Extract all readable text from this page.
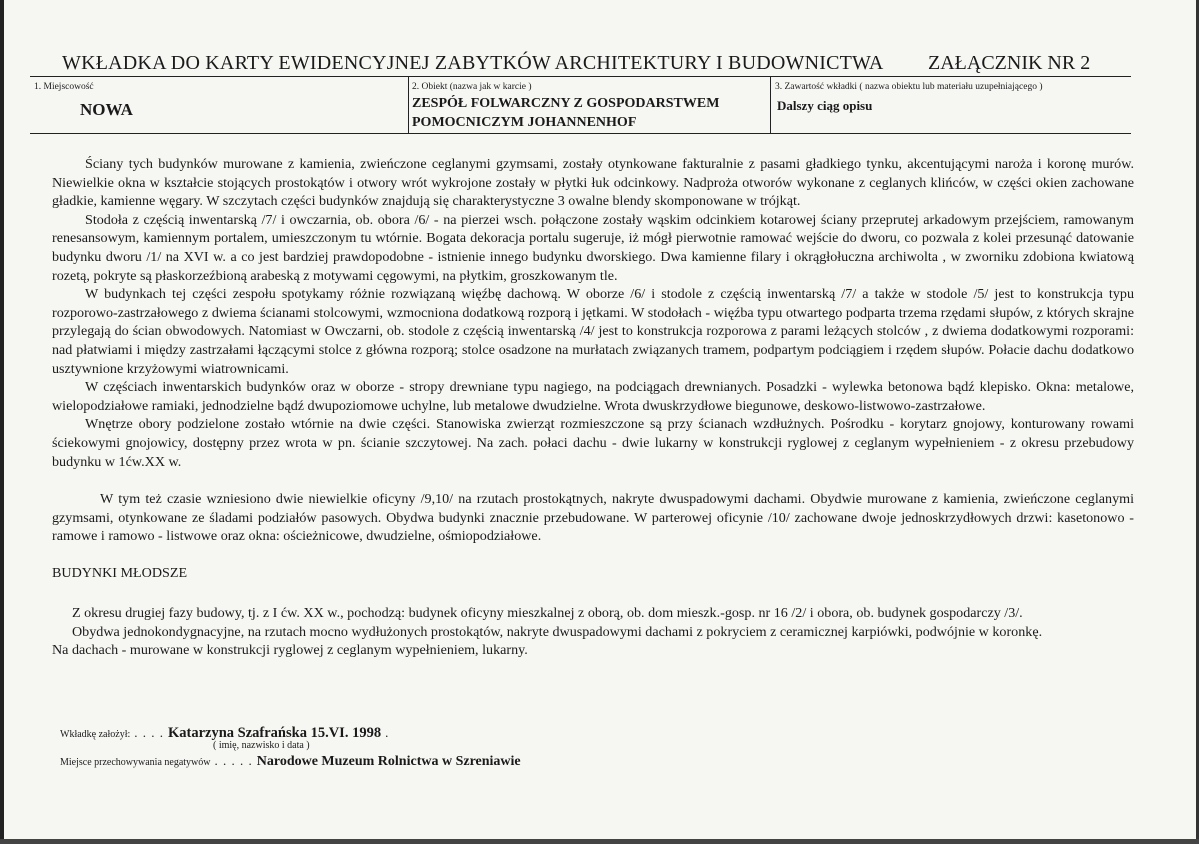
WKŁADKA DO KARTY EWIDENCYJNEJ ZABYTKÓW ARCHITEKTURY I BUDOWNICTWA ZAŁĄCZNIK NR 2
1. Miejscowość
NOWA
2. Obiekt (nazwa jak w karcie )
ZESPÓŁ FOLWARCZNY Z GOSPODARSTWEM
POMOCNICZYM JOHANNENHOF
3. Zawartość wkładki ( nazwa obiektu lub materiału uzupełniającego )
Dalszy ciąg opisu

Ściany tych budynków murowane z kamienia, zwieńczone ceglanymi gzymsami, zostały otynkowane fakturalnie z pasami gładkiego tynku, akcentującymi naroża i koronę murów. Niewielkie okna w kształcie stojących prostokątów i otwory wrót wykrojone zostały w płytki łuk odcinkowy. Nadproża otworów wykonane z ceglanych klińców, w części okien zachowane gładkie, kamienne węgary. W szczytach części budynków znajdują się charakterystyczne 3 owalne blendy skomponowane w trójkąt.

Stodoła z częścią inwentarską /7/ i owczarnia, ob. obora /6/ - na pierzei wsch. połączone zostały wąskim odcinkiem kotarowej ściany przeprutej arkadowym przejściem, ramowanym renesansowym, kamiennym portalem, umieszczonym tu wtórnie. Bogata dekoracja portalu sugeruje, iż mógł pierwotnie ramować wejście do dworu, co pozwala z kolei przesunąć datowanie budynku dworu /1/ na XVI w. a co jest bardziej prawdopodobne - istnienie innego budynku dworskiego. Dwa kamienne filary i okrągłołuczna archiwolta , w zworniku zdobiona kwiatową rozetą, pokryte są płaskorzeźbioną arabeską z motywami cęgowymi, na płytkim, groszkowanym tle.

W budynkach tej części zespołu spotykamy różnie rozwiązaną więźbę dachową. W oborze /6/ i stodole z częścią inwentarską /7/ a także w stodole /5/ jest to konstrukcja typu rozporowo-zastrzałowego z dwiema ścianami stolcowymi, wzmocniona dodatkową rozporą i jętkami. W stodołach - więźba typu otwartego podparta trzema rzędami słupów, z których skrajne przylegają do ścian obwodowych. Natomiast w Owczarni, ob. stodole z częścią inwentarską /4/ jest to konstrukcja rozporowa z parami leżących stolców , z dwiema dodatkowymi rozporami: nad płatwiami i między zastrzałami łączącymi stolce z główna rozporą; stolce osadzone na murłatach związanych tramem, podpartym podciągiem i rzędem słupów. Połacie dachu dodatkowo usztywnione krzyżowymi wiatrownicami.

W częściach inwentarskich budynków oraz w oborze - stropy drewniane typu nagiego, na podciągach drewnianych. Posadzki - wylewka betonowa bądź klepisko. Okna: metalowe, wielopodziałowe ramiaki, jednodzielne bądź dwupoziomowe uchylne, lub metalowe dwudzielne. Wrota dwuskrzydłowe biegunowe, deskowo-listwowo-zastrzałowe.

Wnętrze obory podzielone zostało wtórnie na dwie części. Stanowiska zwierząt rozmieszczone są przy ścianach wzdłużnych. Pośrodku - korytarz gnojowy, konturowany rowami ściekowymi gnojowicy, dostępny przez wrota w pn. ścianie szczytowej. Na zach. połaci dachu - dwie lukarny w konstrukcji ryglowej z ceglanym wypełnieniem - z okresu przebudowy budynku w 1ćw.XX w.

W tym też czasie wzniesiono dwie niewielkie oficyny /9,10/ na rzutach prostokątnych, nakryte dwuspadowymi dachami. Obydwie murowane z kamienia, zwieńczone ceglanymi gzymsami, otynkowane ze śladami podziałów pasowych. Obydwa budynki znacznie przebudowane. W parterowej oficynie /10/ zachowane dwoje jednoskrzydłowych drzwi: kasetonowo -ramowe i ramowo - listwowe oraz okna: ościeżnicowe, dwudzielne, ośmiopodziałowe.

BUDYNKI MŁODSZE

Z okresu drugiej fazy budowy, tj. z I ćw. XX w., pochodzą: budynek oficyny mieszkalnej z oborą, ob. dom mieszk.-gosp. nr 16 /2/ i obora, ob. budynek gospodarczy /3/.

Obydwa jednokondygnacyjne, na rzutach mocno wydłużonych prostokątów, nakryte dwuspadowymi dachami z pokryciem z ceramicznej karpiówki, podwójnie w koronkę.

Na dachach - murowane w konstrukcji ryglowej z ceglanym wypełnieniem, lukarny.

Wkładkę założył: . . . . Katarzyna Szafrańska 15.VI. 1998 .
( imię, nazwisko i data )
Miejsce przechowywania negatywów . . . . . Narodowe Muzeum Rolnictwa w Szreniawie
